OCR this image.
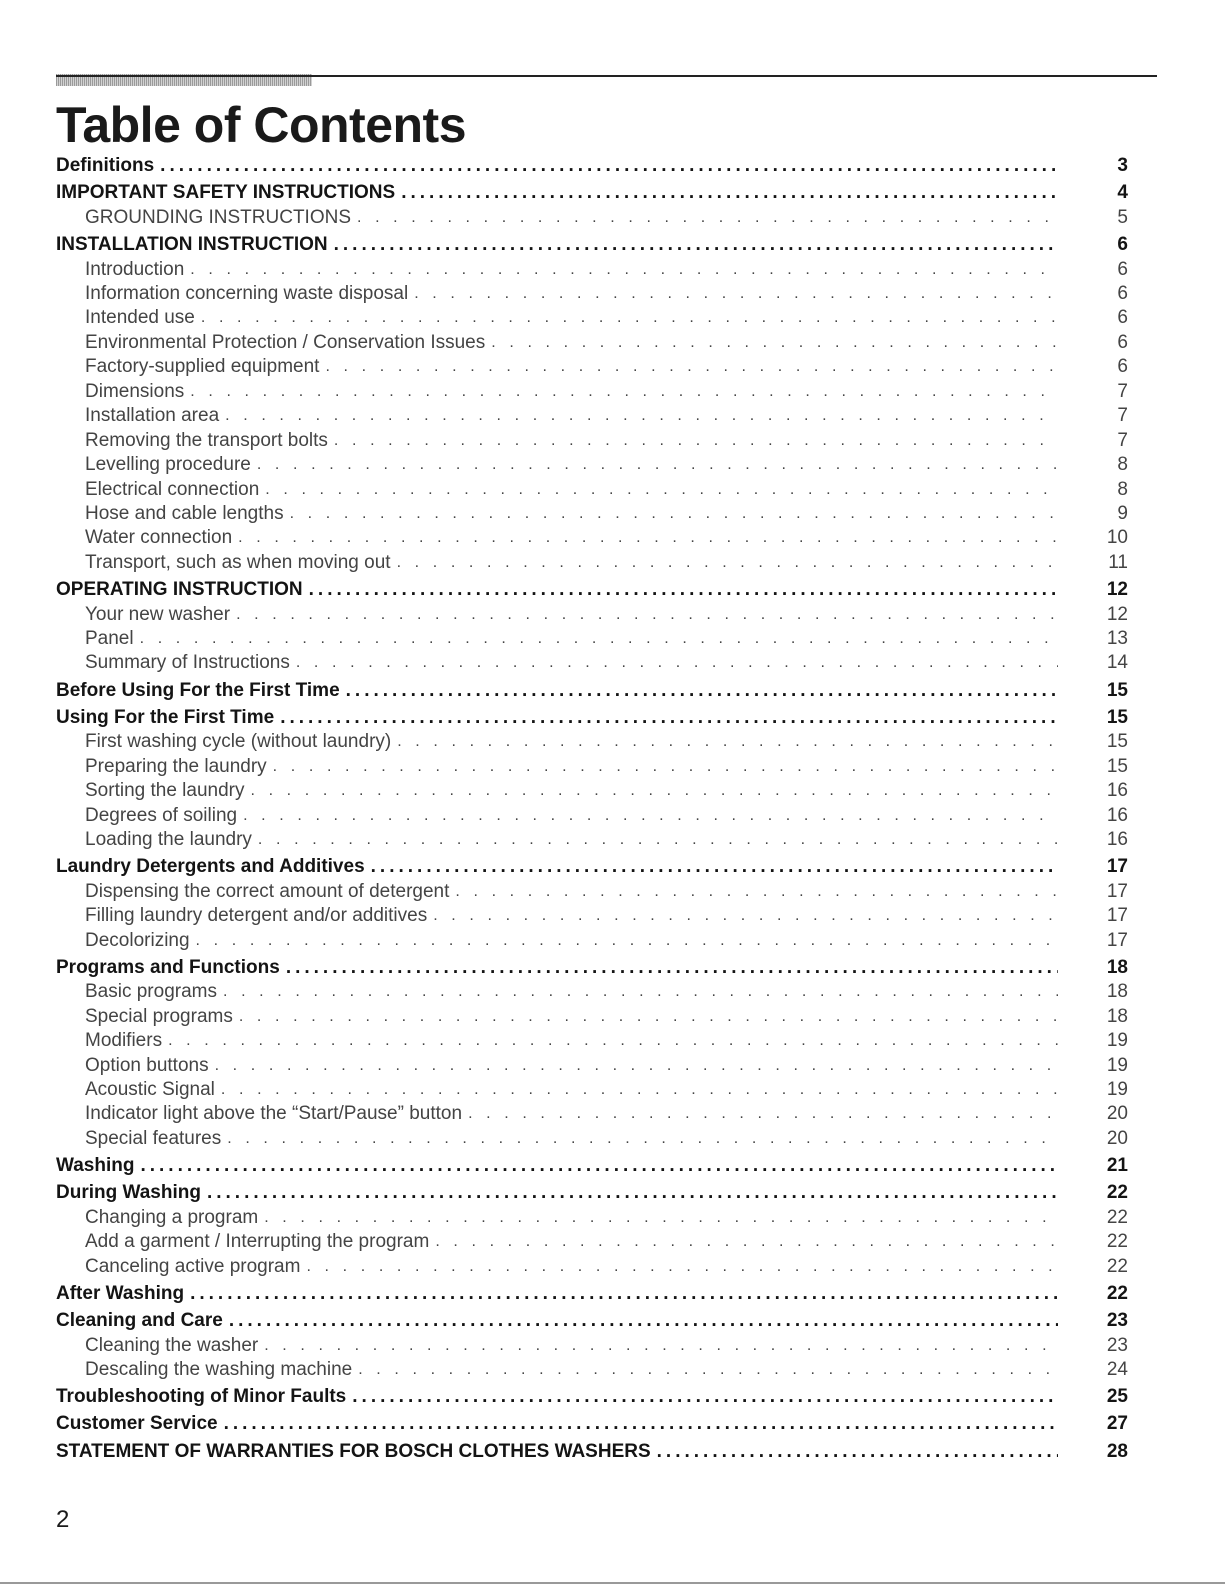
Table of Contents
Definitions .....	3
IMPORTANT SAFETY INSTRUCTIONS .....	4
GROUNDING INSTRUCTIONS . . .	5
INSTALLATION INSTRUCTION .....	6
Introduction . . .	6
Information concerning waste disposal . . .	6
Intended use . . .	6
Environmental Protection / Conservation Issues . . .	6
Factory-supplied equipment . . .	6
Dimensions . . .	7
Installation area . . .	7
Removing the transport bolts . . .	7
Levelling procedure . . .	8
Electrical connection . . .	8
Hose and cable lengths . . .	9
Water connection . . .	10
Transport, such as when moving out . . .	11
OPERATING INSTRUCTION .....	12
Your new washer . . .	12
Panel . . .	13
Summary of Instructions . . .	14
Before Using For the First Time .....	15
Using For the First Time .....	15
First washing cycle (without laundry) . . .	15
Preparing the laundry . . .	15
Sorting the laundry . . .	16
Degrees of soiling . . .	16
Loading the laundry . . .	16
Laundry Detergents and Additives .....	17
Dispensing the correct amount of detergent . . .	17
Filling laundry detergent and/or additives . . .	17
Decolorizing . . .	17
Programs and Functions .....	18
Basic programs . . .	18
Special programs . . .	18
Modifiers . . .	19
Option buttons . . .	19
Acoustic Signal . . .	19
Indicator light above the “Start/Pause” button . . .	20
Special features . . .	20
Washing .....	21
During Washing .....	22
Changing a program . . .	22
Add a garment / Interrupting the program . . .	22
Canceling active program . . .	22
After Washing .....	22
Cleaning and Care .....	23
Cleaning the washer . . .	23
Descaling the washing machine . . .	24
Troubleshooting of Minor Faults .....	25
Customer Service .....	27
STATEMENT OF WARRANTIES FOR BOSCH CLOTHES WASHERS .....	28
2
